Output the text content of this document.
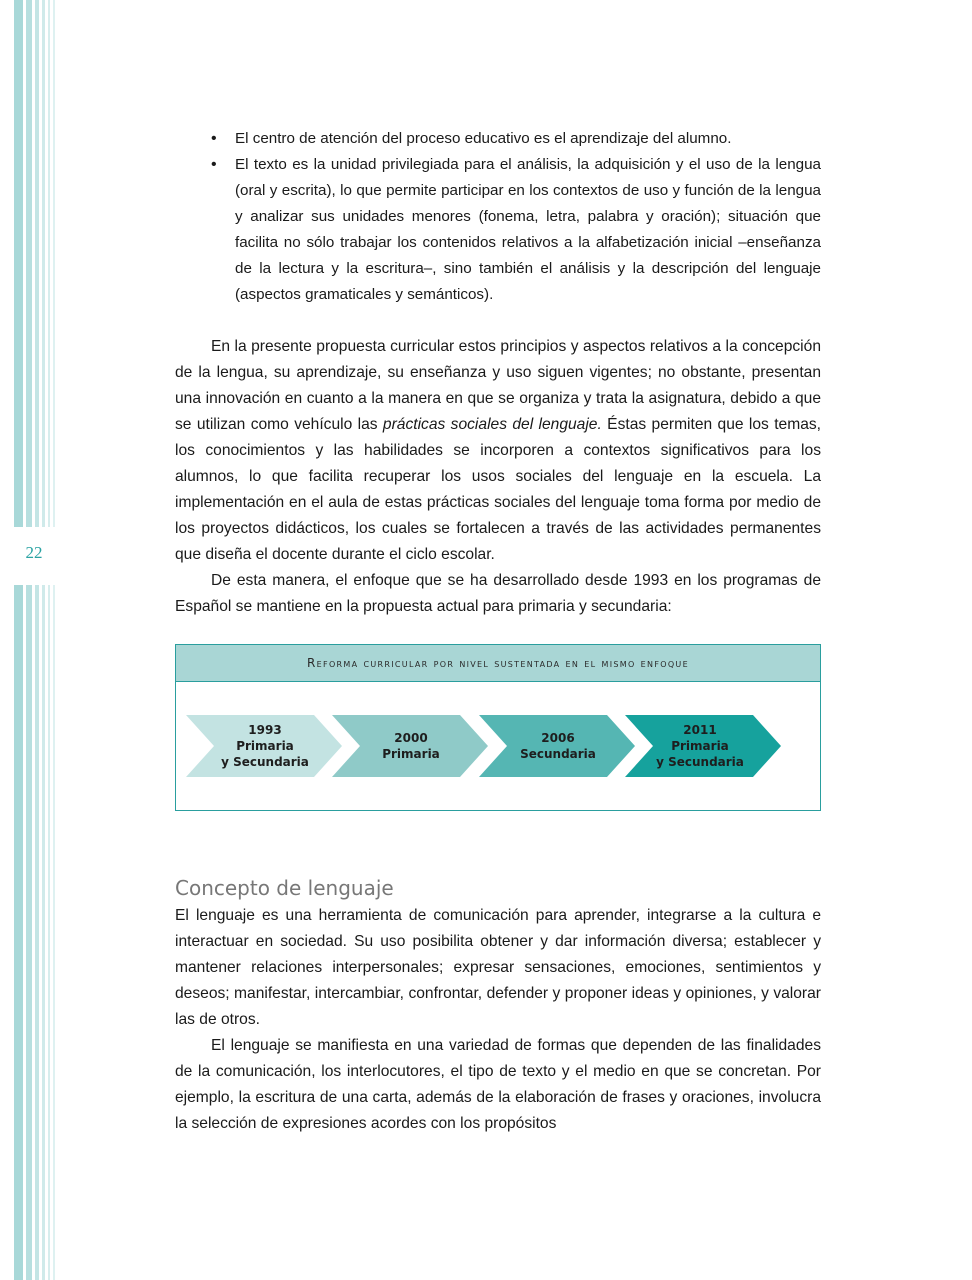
22
• El centro de atención del proceso educativo es el aprendizaje del alumno.
• El texto es la unidad privilegiada para el análisis, la adquisición y el uso de la lengua (oral y escrita), lo que permite participar en los contextos de uso y función de la lengua y analizar sus unidades menores (fonema, letra, palabra y oración); situación que facilita no sólo trabajar los contenidos relativos a la alfabetización inicial –enseñanza de la lectura y la escritura–, sino también el análisis y la descripción del lenguaje (aspectos gramaticales y semánticos).

En la presente propuesta curricular estos principios y aspectos relativos a la concepción de la lengua, su aprendizaje, su enseñanza y uso siguen vigentes; no obstante, presentan una innovación en cuanto a la manera en que se organiza y trata la asignatura, debido a que se utilizan como vehículo las prácticas sociales del lenguaje. Éstas permiten que los temas, los conocimientos y las habilidades se incorporen a contextos significativos para los alumnos, lo que facilita recuperar los usos sociales del lenguaje en la escuela. La implementación en el aula de estas prácticas sociales del lenguaje toma forma por medio de los proyectos didácticos, los cuales se fortalecen a través de las actividades permanentes que diseña el docente durante el ciclo escolar.

De esta manera, el enfoque que se ha desarrollado desde 1993 en los programas de Español se mantiene en la propuesta actual para primaria y secundaria:

Reforma curricular por nivel sustentada en el mismo enfoque
1993
Primaria
y Secundaria
2000
Primaria
2006
Secundaria
2011
Primaria
y Secundaria
Concepto de lenguaje

El lenguaje es una herramienta de comunicación para aprender, integrarse a la cultura e interactuar en sociedad. Su uso posibilita obtener y dar información diversa; establecer y mantener relaciones interpersonales; expresar sensaciones, emociones, sentimientos y deseos; manifestar, intercambiar, confrontar, defender y proponer ideas y opiniones, y valorar las de otros.

El lenguaje se manifiesta en una variedad de formas que dependen de las finalidades de la comunicación, los interlocutores, el tipo de texto y el medio en que se concretan. Por ejemplo, la escritura de una carta, además de la elaboración de frases y oraciones, involucra la selección de expresiones acordes con los propósitos
